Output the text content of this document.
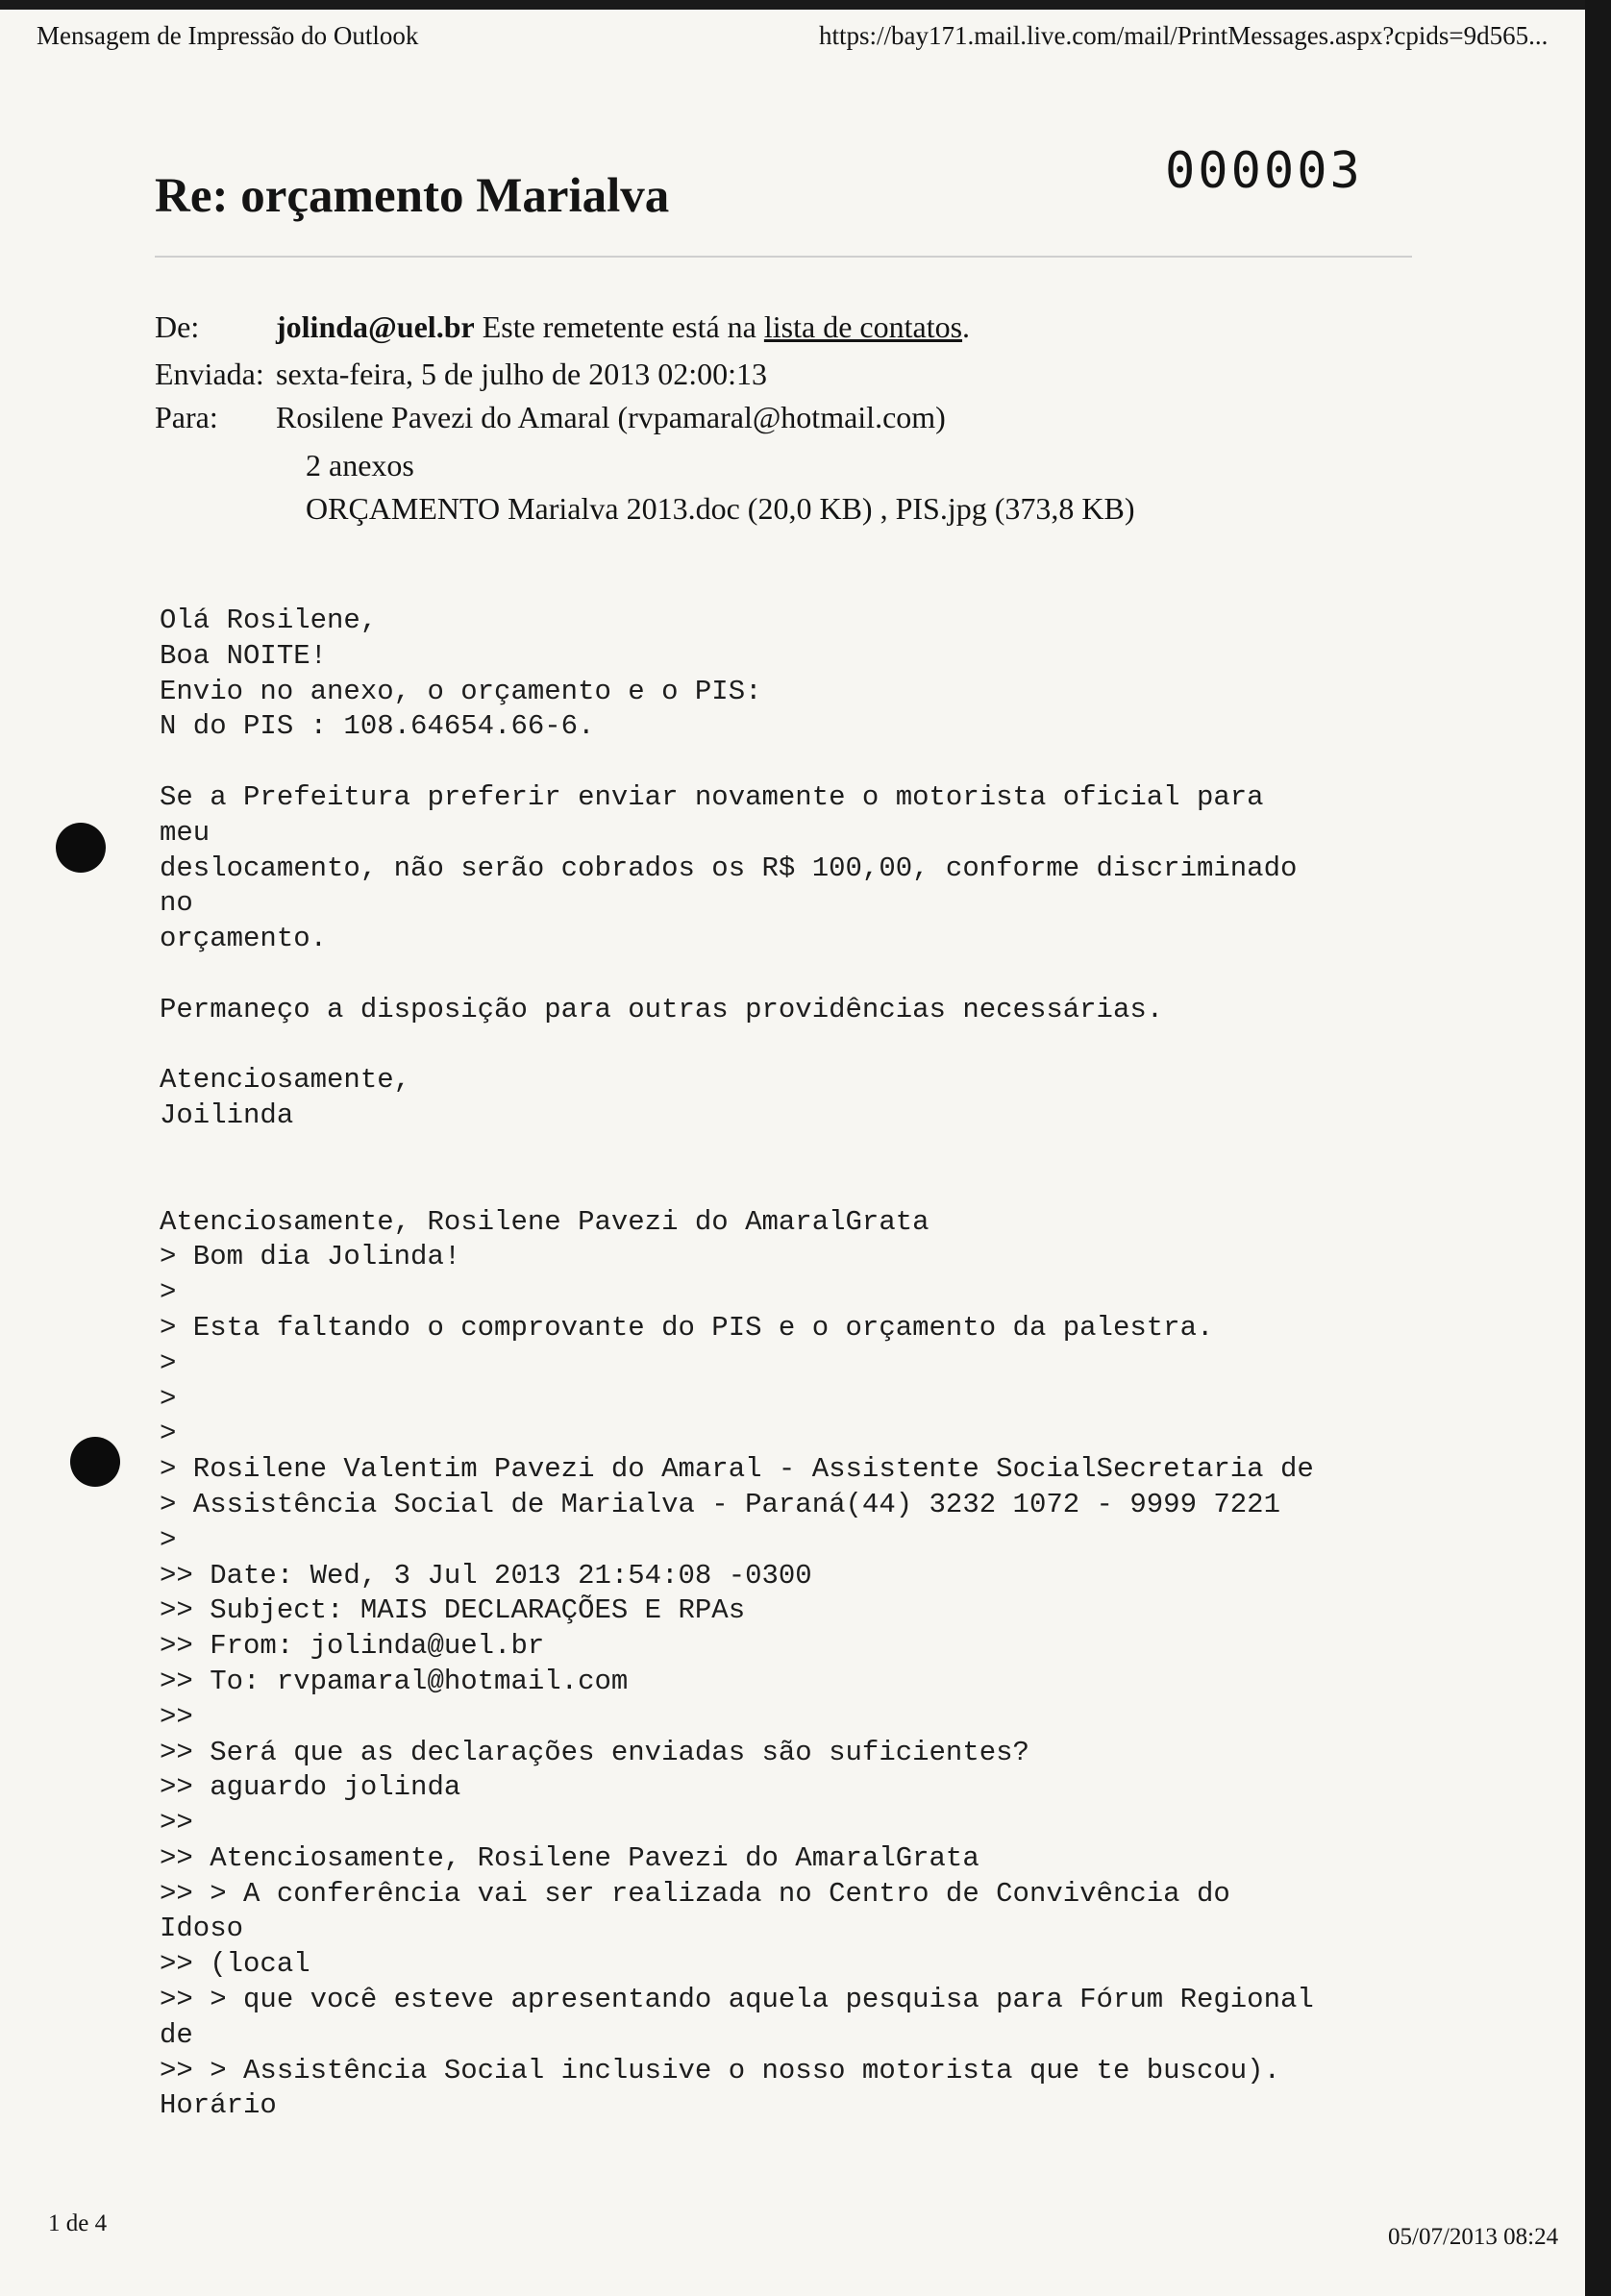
Mensagem de Impressão do Outlook	https://bay171.mail.live.com/mail/PrintMessages.aspx?cpids=9d565...
000003
Re: orçamento Marialva
De: jolinda@uel.br Este remetente está na lista de contatos.
Enviada: sexta-feira, 5 de julho de 2013 02:00:13
Para: Rosilene Pavezi do Amaral (rvpamaral@hotmail.com)
2 anexos
ORÇAMENTO Marialva 2013.doc (20,0 KB) , PIS.jpg (373,8 KB)
Olá Rosilene,
Boa NOITE!
Envio no anexo, o orçamento e o PIS:
N do PIS : 108.64654.66-6.

Se a Prefeitura preferir enviar novamente o motorista oficial para
meu
deslocamento, não serão cobrados os R$ 100,00, conforme discriminado
no
orçamento.

Permaneço a disposição para outras providências necessárias.

Atenciosamente,
Joilinda

Atenciosamente, Rosilene Pavezi do AmaralGrata
> Bom dia Jolinda!
>
> Esta faltando o comprovante do PIS e o orçamento da palestra.
>
>
>
> Rosilene Valentim Pavezi do Amaral - Assistente SocialSecretaria de
> Assistência Social de Marialva - Paraná(44) 3232 1072 - 9999 7221
>
>> Date: Wed, 3 Jul 2013 21:54:08 -0300
>> Subject: MAIS DECLARAÇÕES E RPAs
>> From: jolinda@uel.br
>> To: rvpamaral@hotmail.com
>>
>> Será que as declarações enviadas são suficientes?
>> aguardo jolinda
>>
>> Atenciosamente, Rosilene Pavezi do AmaralGrata
>> > A conferência vai ser realizada no Centro de Convivência do
Idoso
>> (local
>> > que você esteve apresentando aquela pesquisa para Fórum Regional
de
>> > Assistência Social inclusive o nosso motorista que te buscou).
Horário
1 de 4
05/07/2013 08:24
